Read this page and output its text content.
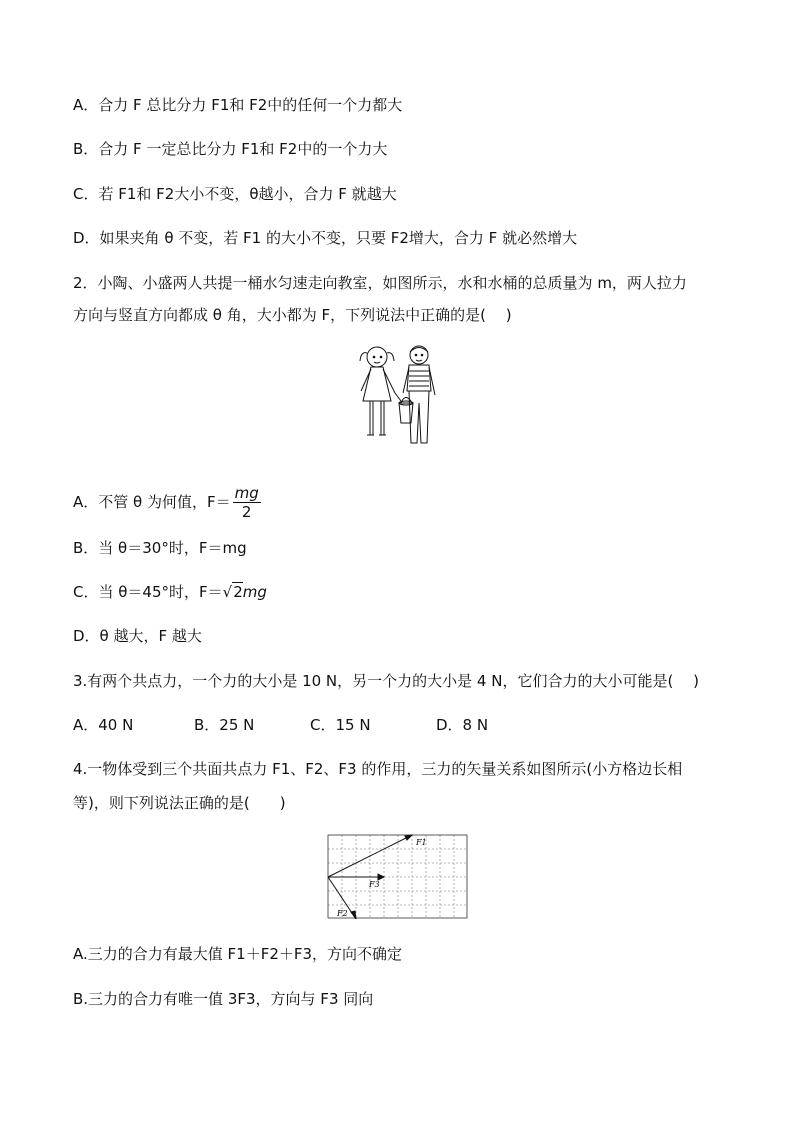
A．合力 F 总比分力 F1和 F2中的任何一个力都大
B．合力 F 一定总比分力 F1和 F2中的一个力大
C．若 F1和 F2大小不变，θ越小，合力 F 就越大
D．如果夹角 θ 不变，若 F1 的大小不变，只要 F2增大，合力 F 就必然增大
2．小陶、小盛两人共提一桶水匀速走向教室，如图所示，水和水桶的总质量为 m，两人拉力
方向与竖直方向都成 θ 角，大小都为 F，下列说法中正确的是(　 )
A．不管 θ 为何值，$F= \frac{mg}{2}$
B．当 θ＝30°时，F＝mg
C．当 θ＝45°时，F＝√2mg
D．θ 越大，F 越大
3.有两个共点力，一个力的大小是 10 N，另一个力的大小是 4 N，它们合力的大小可能是(　 )
A．40 N	B．25 N	C．15 N	D．8 N
4.一物体受到三个共面共点力 F1、F2、F3 的作用，三力的矢量关系如图所示(小方格边长相
等)，则下列说法正确的是(　　)
F1
F3
F2
A.三力的合力有最大值 F1＋F2＋F3，方向不确定
B.三力的合力有唯一值 3F3，方向与 F3 同向
